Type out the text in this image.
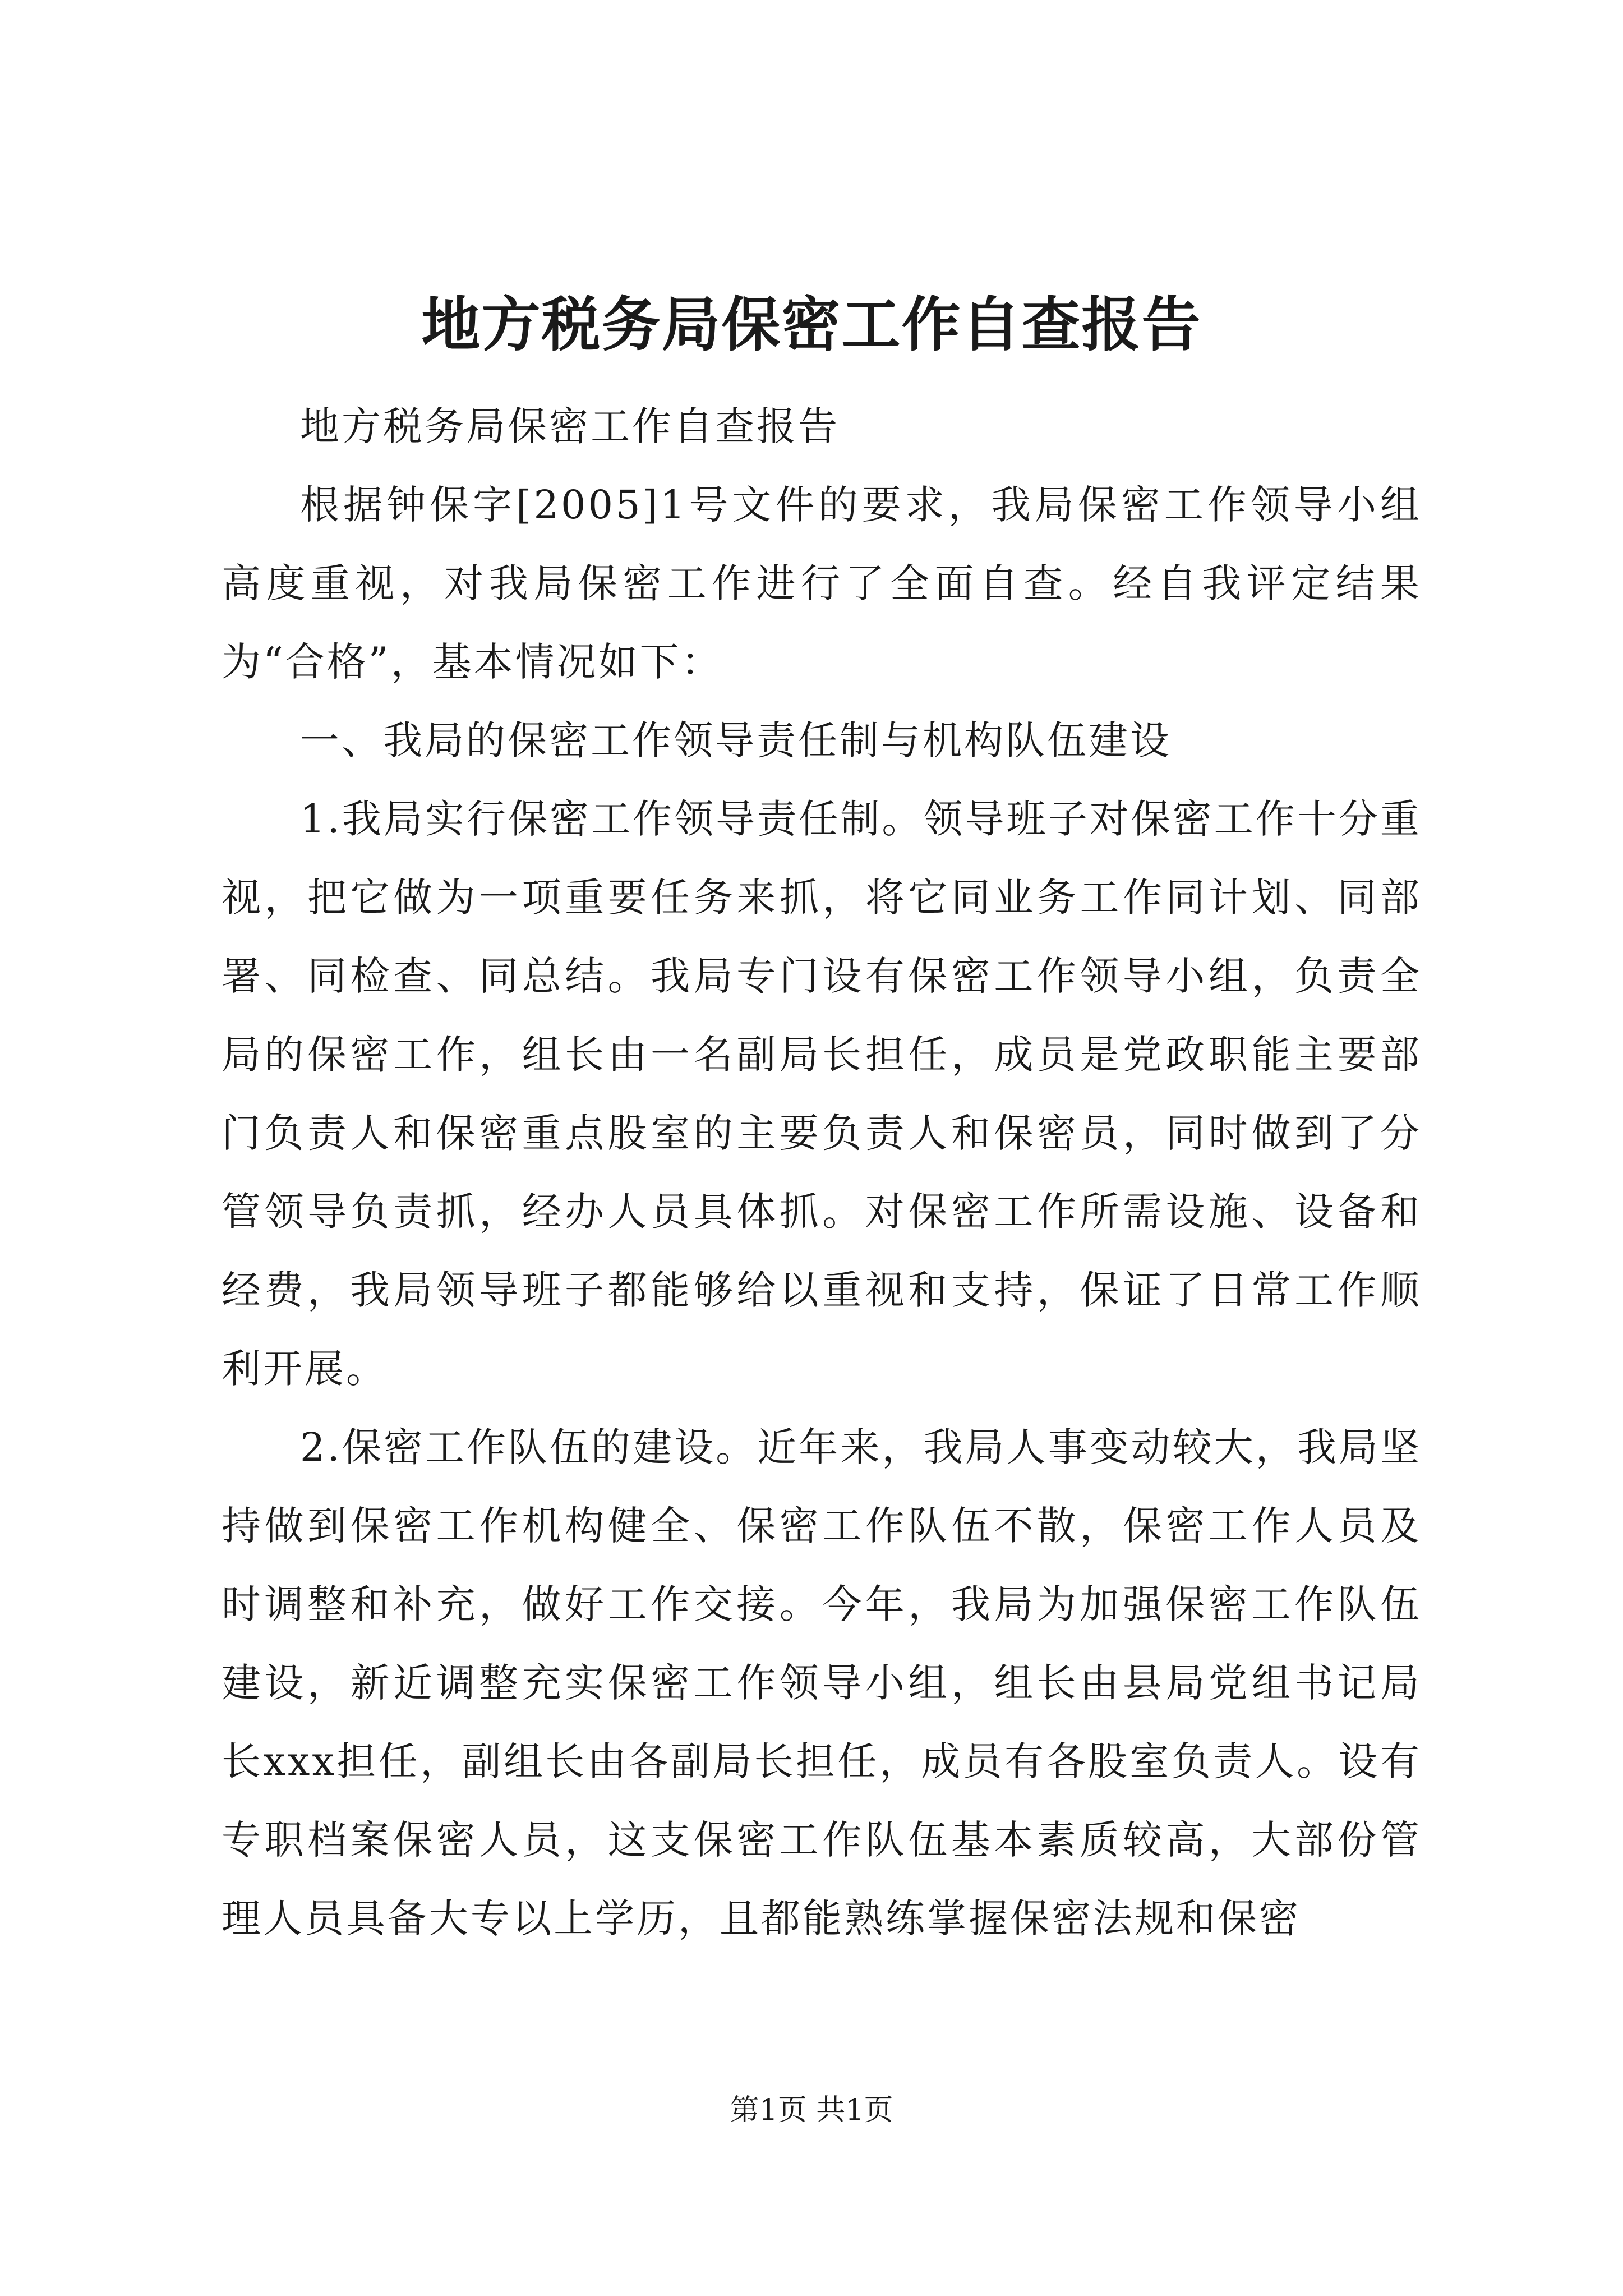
地方税务局保密工作自查报告

地方税务局保密工作自查报告

根据钟保字[2005]1号文件的要求，我局保密工作领导小组高度重视，对我局保密工作进行了全面自查。经自我评定结果为“合格”，基本情况如下：

一、我局的保密工作领导责任制与机构队伍建设

1.我局实行保密工作领导责任制。领导班子对保密工作十分重视，把它做为一项重要任务来抓，将它同业务工作同计划、同部署、同检查、同总结。我局专门设有保密工作领导小组，负责全局的保密工作，组长由一名副局长担任，成员是党政职能主要部门负责人和保密重点股室的主要负责人和保密员，同时做到了分管领导负责抓，经办人员具体抓。对保密工作所需设施、设备和经费，我局领导班子都能够给以重视和支持，保证了日常工作顺利开展。

2.保密工作队伍的建设。近年来，我局人事变动较大，我局坚持做到保密工作机构健全、保密工作队伍不散，保密工作人员及时调整和补充，做好工作交接。今年，我局为加强保密工作队伍建设，新近调整充实保密工作领导小组，组长由县局党组书记局长xxx担任，副组长由各副局长担任，成员有各股室负责人。设有专职档案保密人员，这支保密工作队伍基本素质较高，大部份管理人员具备大专以上学历，且都能熟练掌握保密法规和保密

第1页 共1页
